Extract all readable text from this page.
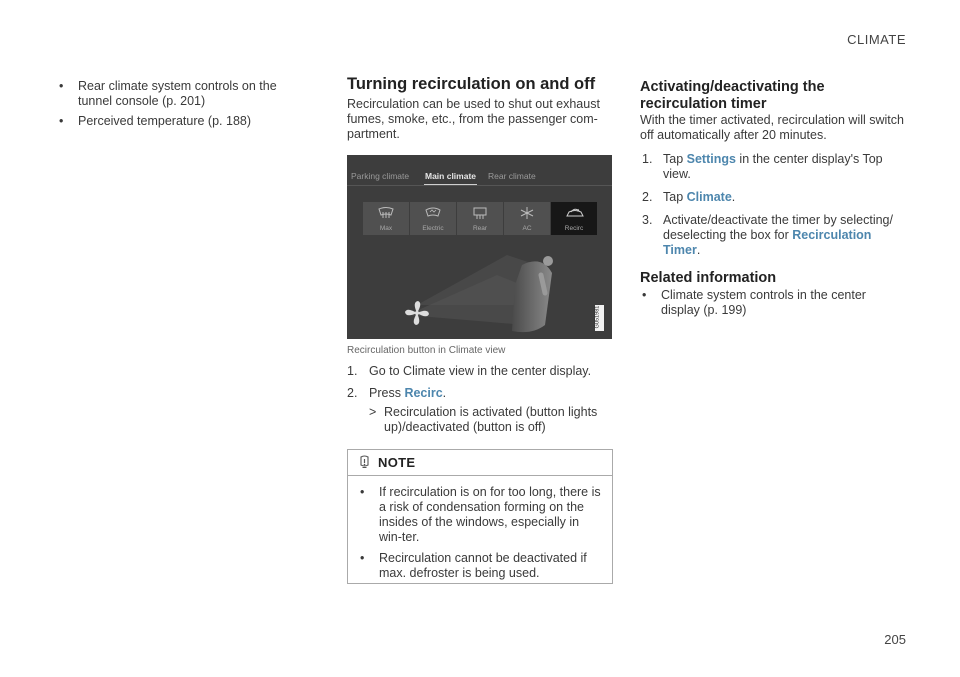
CLIMATE
205
• Rear climate system controls on the tunnel console (p. 201)
• Perceived temperature (p. 188)
Turning recirculation on and off
Recirculation can be used to shut out exhaust fumes, smoke, etc., from the passenger com-partment.
Parking climate Main climate Rear climate
Max	Electric	Rear	AC	Recirc
G051981
Recirculation button in Climate view
1. Go to Climate view in the center display.
2. Press Recirc.
> Recirculation is activated (button lights up)/deactivated (button is off)
NOTE
• If recirculation is on for too long, there is a risk of condensation forming on the insides of the windows, especially in win-ter.
• Recirculation cannot be deactivated if max. defroster is being used.
Activating/deactivating the recirculation timer
With the timer activated, recirculation will switch off automatically after 20 minutes.
1. Tap Settings in the center display's Top view.
2. Tap Climate.
3. Activate/deactivate the timer by selecting/ deselecting the box for Recirculation Timer.
Related information
• Climate system controls in the center display (p. 199)
